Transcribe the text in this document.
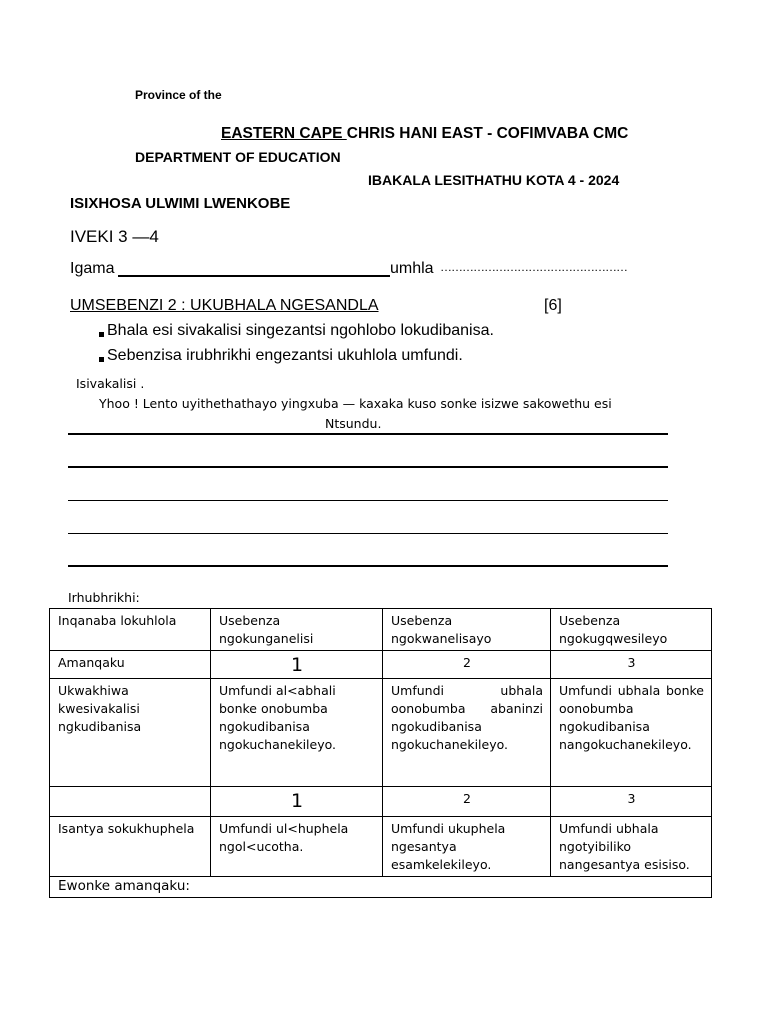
Province of the
EASTERN CAPE CHRIS HANI EAST - COFIMVABA CMC
DEPARTMENT OF EDUCATION
IBAKALA LESITHATHU KOTA 4 - 2024
ISIXHOSA ULWIMI LWENKOBE
IVEKI 3 —4
Igama	umhla ……………………………………………
UMSEBENZI 2 : UKUBHALA NGESANDLA	[6]
Bhala esi sivakalisi singezantsi ngohlobo lokudibanisa.
Sebenzisa irubhrikhi engezantsi ukuhlola umfundi.
Isivakalisi .
Yhoo ! Lento uyithethathayo yingxuba — kaxaka kuso sonke isizwe sakowethu esi
Ntsundu.
Irhubhrikhi:
Inqanaba lokuhlola	Usebenza ngokunganelisi	Usebenza ngokwanelisayo	Usebenza ngokugqwesileyo
Amanqaku	1	2	3
Ukwakhiwa kwesivakalisi ngkudibanisa	Umfundi al<abhali bonke onobumba ngokudibanisa ngokuchanekileyo.	Umfundi ubhala oonobumba abaninzi ngokudibanisa ngokuchanekileyo.	Umfundi ubhala bonke oonobumba ngokudibanisa nangokuchanekileyo.
	1	2	3
Isantya sokukhuphela	Umfundi ul<huphela ngol<ucotha.	Umfundi ukuphela ngesantya esamkelekileyo.	Umfundi ubhala ngotyibiliko nangesantya esisiso.
Ewonke amanqaku:			
